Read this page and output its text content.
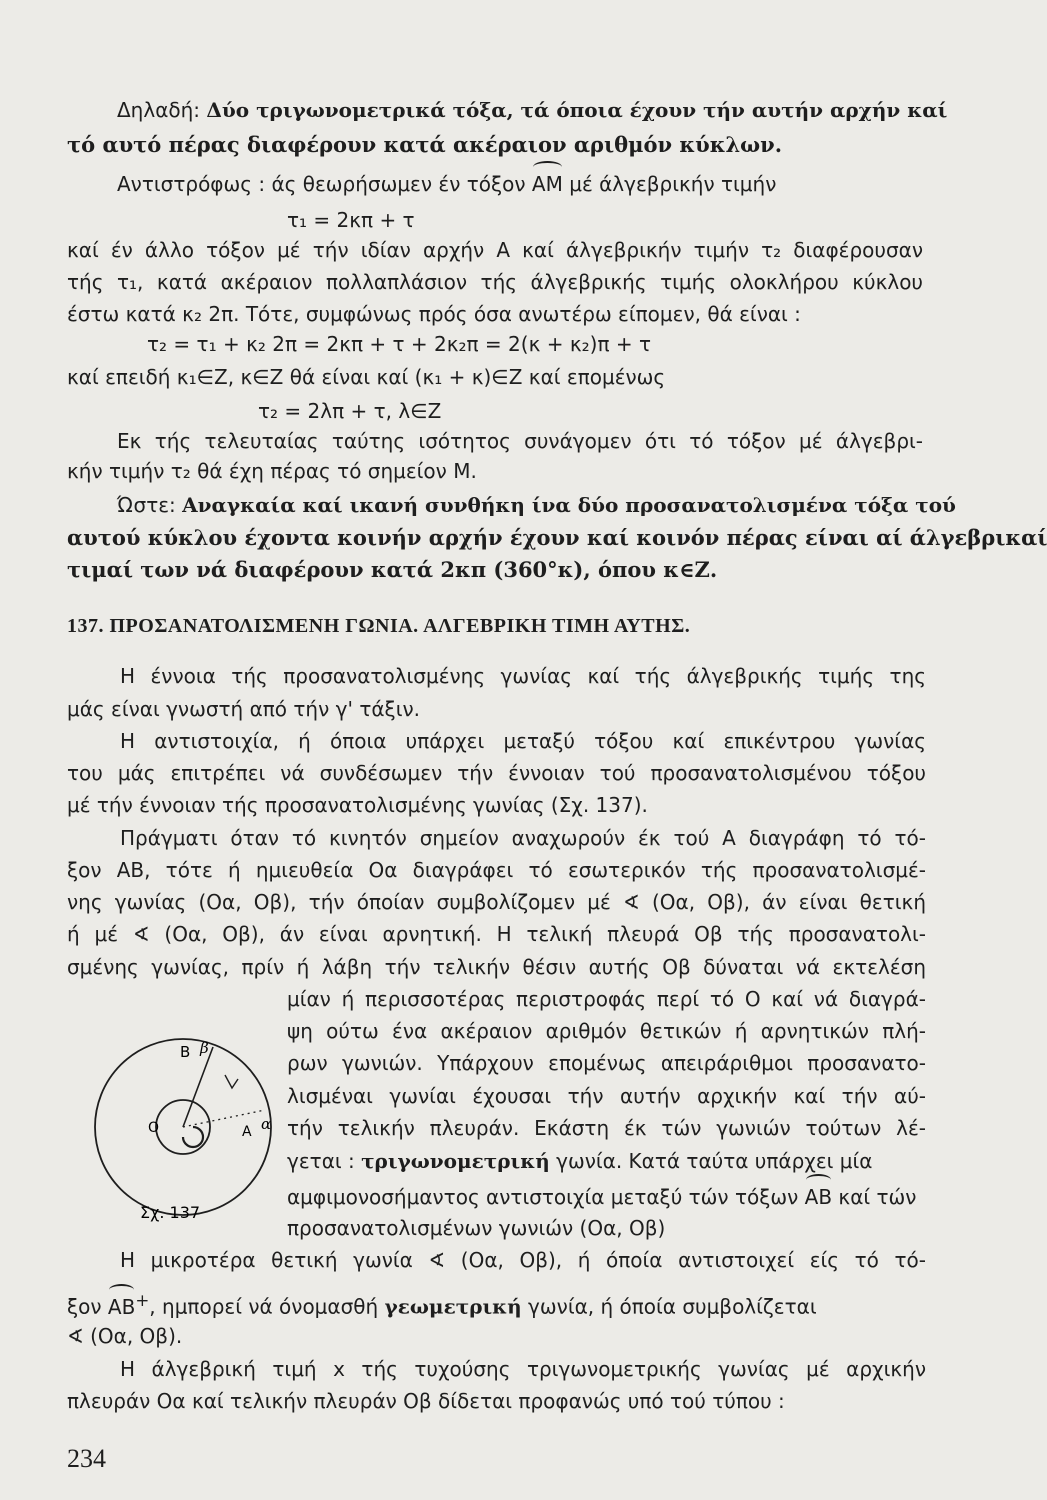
Δηλαδή: Δύο τριγωνομετρικά τόξα, τά όποια έχουν τήν αυτήν αρχήν καί
τό αυτό πέρας διαφέρουν κατά ακέραιον αριθμόν κύκλων.
Αντιστρόφως : άς θεωρήσωμεν έν τόξον ΑΜ μέ άλγεβρικήν τιμήν
τ₁ = 2κπ + τ
καί έν άλλο τόξον μέ τήν ιδίαν αρχήν Α καί άλγεβρικήν τιμήν τ₂ διαφέρουσαν
τής τ₁, κατά ακέραιον πολλαπλάσιον τής άλγεβρικής τιμής ολοκλήρου κύκλου
έστω κατά κ₂ 2π. Τότε, συμφώνως πρός όσα ανωτέρω είπομεν, θά είναι :
τ₂ = τ₁ + κ₂ 2π = 2κπ + τ + 2κ₂π = 2(κ + κ₂)π + τ
καί επειδή κ₁∈Ζ, κ∈Ζ θά είναι καί (κ₁ + κ)∈Ζ καί επομένως
τ₂ = 2λπ + τ, λ∈Ζ
Εκ τής τελευταίας ταύτης ισότητος συνάγομεν ότι τό τόξον μέ άλγεβρι-
κήν τιμήν τ₂ θά έχη πέρας τό σημείον Μ.
Ώστε: Αναγκαία καί ικανή συνθήκη ίνα δύο προσανατολισμένα τόξα τού
αυτού κύκλου έχοντα κοινήν αρχήν έχουν καί κοινόν πέρας είναι αί άλγεβρικαί
τιμαί των νά διαφέρουν κατά 2κπ (360°κ), όπου κ∈Ζ.
137. ΠΡΟΣΑΝΑΤΟΛΙΣΜΕΝΗ ΓΩΝΙΑ. ΑΛΓΕΒΡΙΚΗ ΤΙΜΗ ΑΥΤΗΣ.
Η έννοια τής προσανατολισμένης γωνίας καί τής άλγεβρικής τιμής της
μάς είναι γνωστή από τήν γ' τάξιν.
Η αντιστοιχία, ή όποια υπάρχει μεταξύ τόξου καί επικέντρου γωνίας
του μάς επιτρέπει νά συνδέσωμεν τήν έννοιαν τού προσανατολισμένου τόξου
μέ τήν έννοιαν τής προσανατολισμένης γωνίας (Σχ. 137).
Πράγματι όταν τό κινητόν σημείον αναχωρούν έκ τού Α διαγράφη τό τό-
ξον ΑΒ, τότε ή ημιευθεία Οα διαγράφει τό εσωτερικόν τής προσανατολισμέ-
νης γωνίας (Οα, Οβ), τήν όποίαν συμβολίζομεν μέ ∢ (Οα, Οβ), άν είναι θετική
ή μέ ∢ (Οα, Οβ), άν είναι αρνητική. Η τελική πλευρά Οβ τής προσανατολι-
σμένης γωνίας, πρίν ή λάβη τήν τελικήν θέσιν αυτής Οβ δύναται νά εκτελέση
μίαν ή περισσοτέρας περιστροφάς περί τό Ο καί νά διαγρά-
ψη ούτω ένα ακέραιον αριθμόν θετικών ή αρνητικών πλή-
ρων γωνιών. Υπάρχουν επομένως απειράριθμοι προσανατο-
λισμέναι γωνίαι έχουσαι τήν αυτήν αρχικήν καί τήν αύ-
τήν τελικήν πλευράν. Εκάστη έκ τών γωνιών τούτων λέ-
γεται : τριγωνομετρική γωνία. Κατά ταύτα υπάρχει μία
αμφιμονοσήμαντος αντιστοιχία μεταξύ τών τόξων ΑΒ καί τών
προσανατολισμένων γωνιών (Οα, Οβ)
Η μικροτέρα θετική γωνία ∢ (Οα, Οβ), ή όποία αντιστοιχεί είς τό τό-
ξον ΑΒ+, ημπορεί νά όνομασθή γεωμετρική γωνία, ή όποία συμβολίζεται
∢ (Οα, Οβ).
Η άλγεβρική τιμή x τής τυχούσης τριγωνομετρικής γωνίας μέ αρχικήν
πλευράν Οα καί τελικήν πλευράν Οβ δίδεται προφανώς υπό τού τύπου :
234
Β β
Α α
Ο
Σχ. 137
